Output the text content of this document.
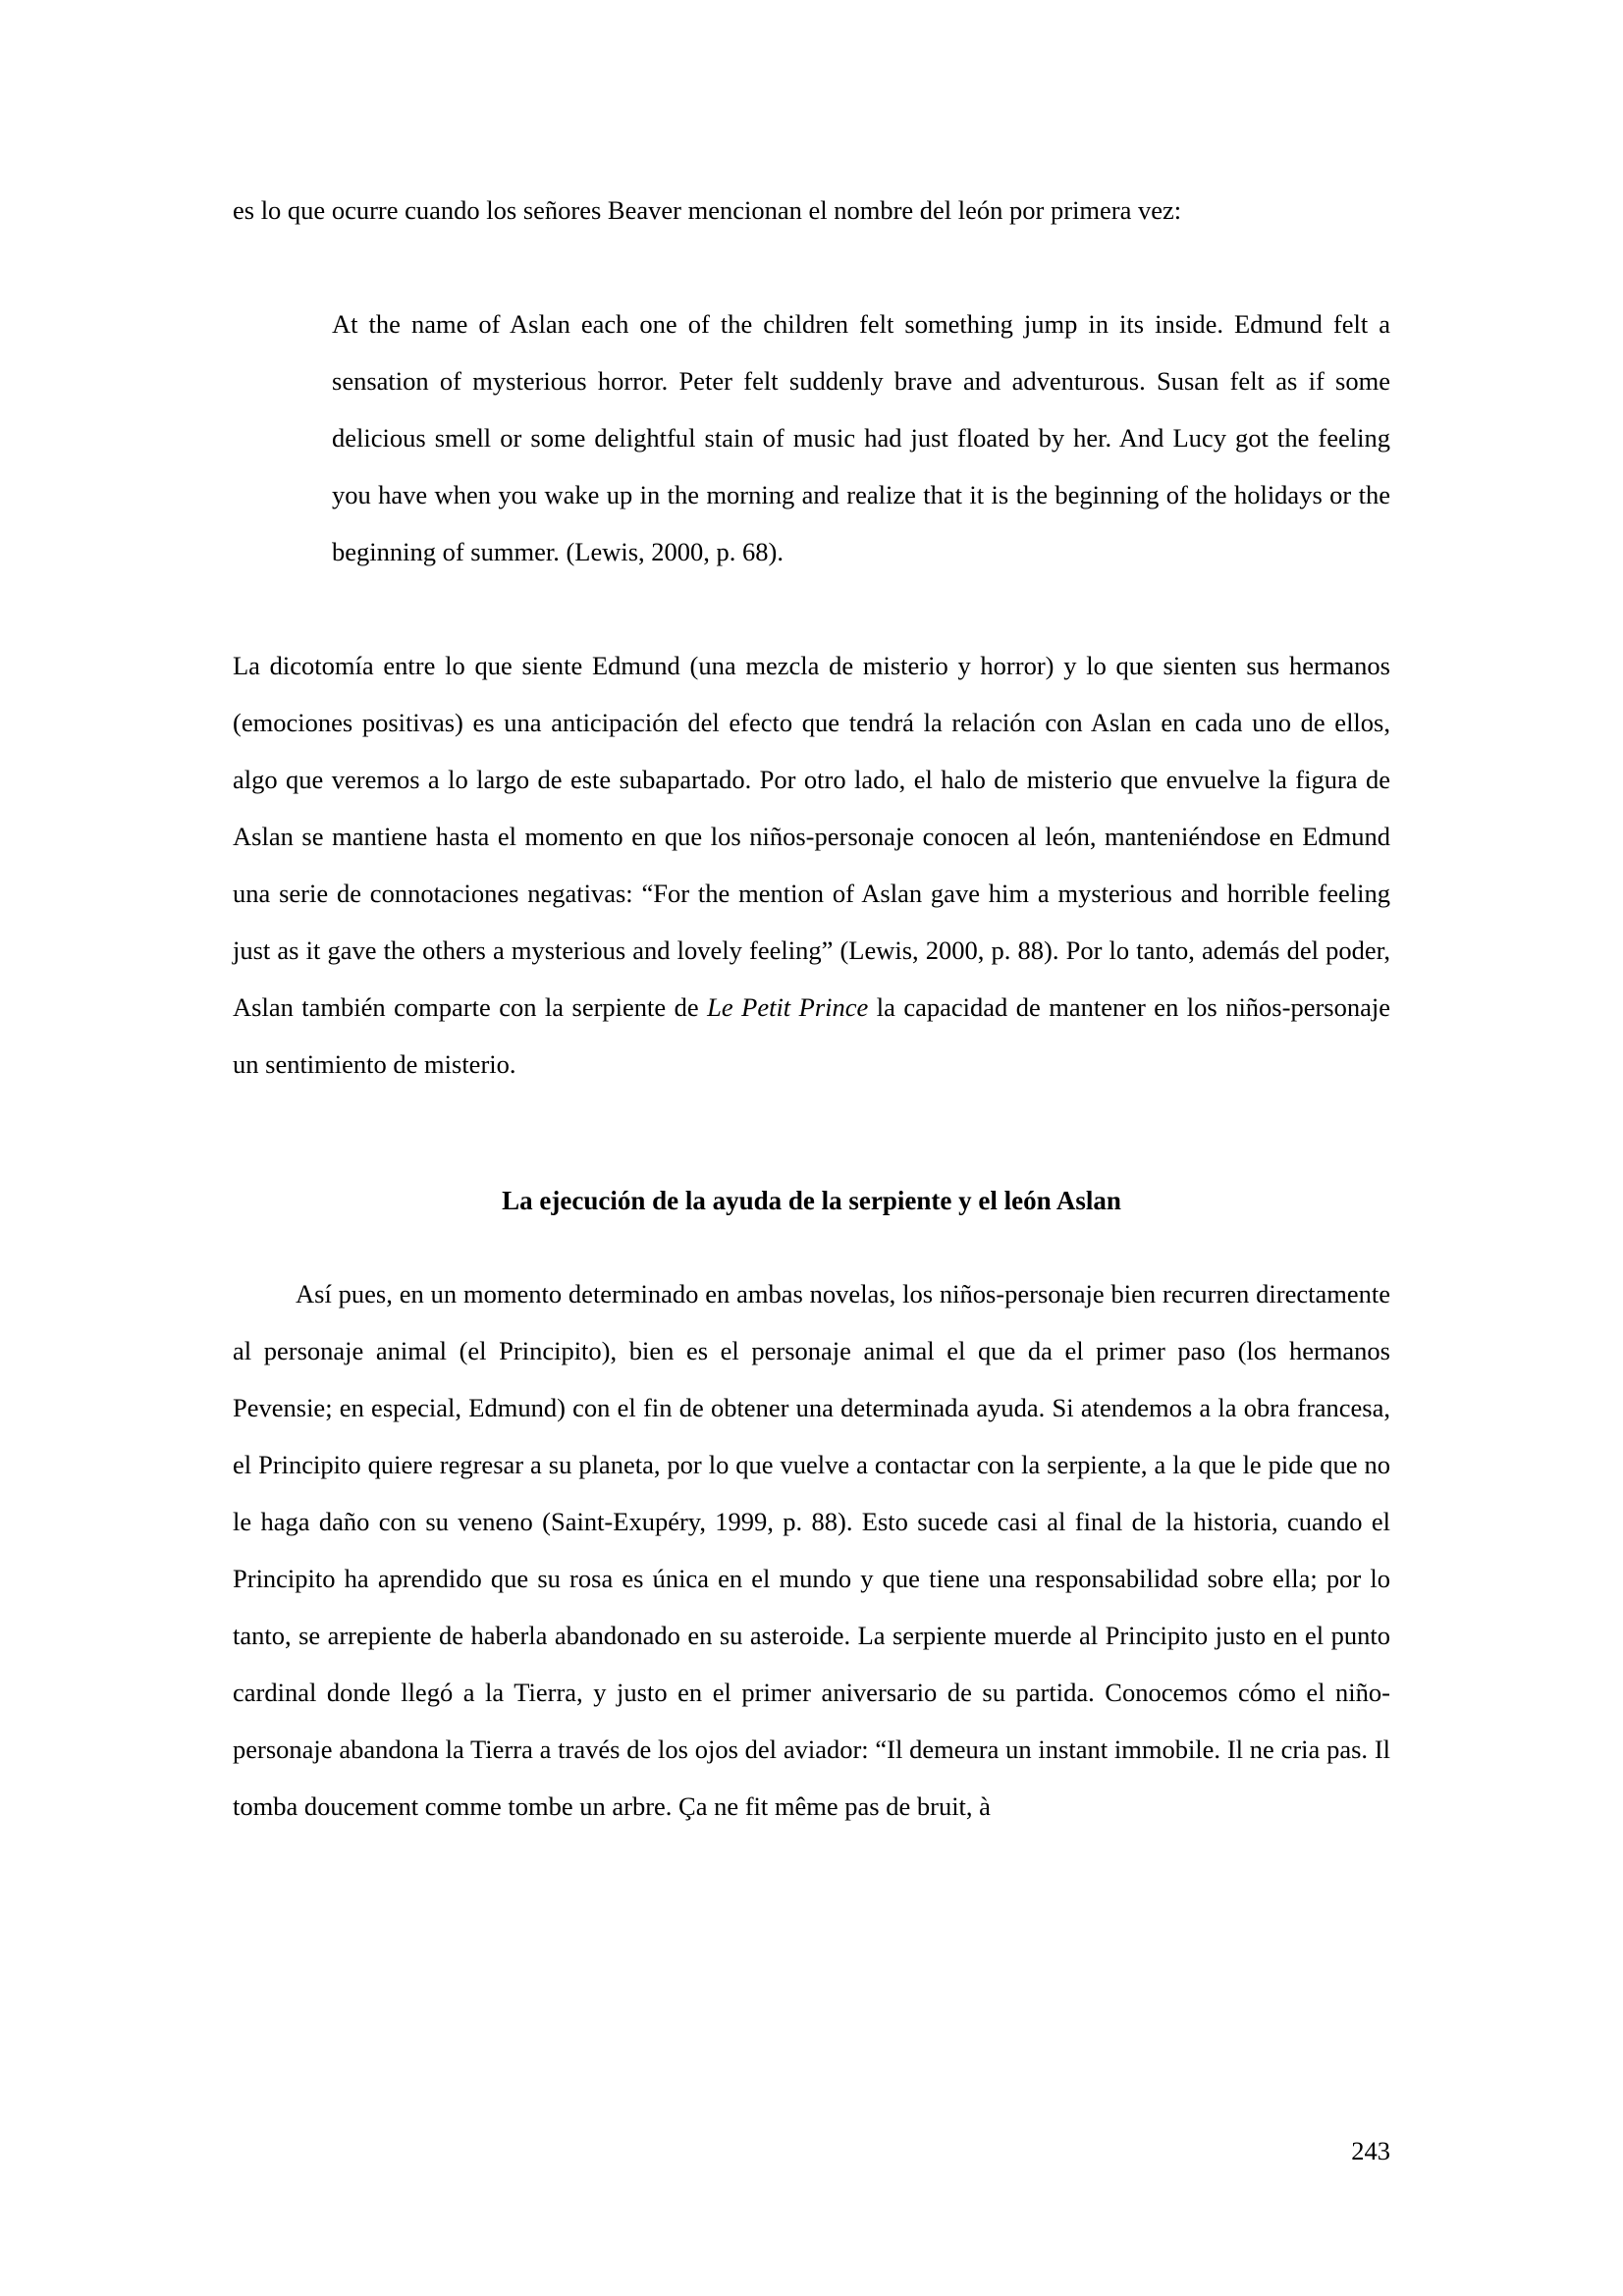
es lo que ocurre cuando los señores Beaver mencionan el nombre del león por primera vez:

At the name of Aslan each one of the children felt something jump in its inside. Edmund felt a sensation of mysterious horror. Peter felt suddenly brave and adventurous. Susan felt as if some delicious smell or some delightful stain of music had just floated by her. And Lucy got the feeling you have when you wake up in the morning and realize that it is the beginning of the holidays or the beginning of summer. (Lewis, 2000, p. 68).

La dicotomía entre lo que siente Edmund (una mezcla de misterio y horror) y lo que sienten sus hermanos (emociones positivas) es una anticipación del efecto que tendrá la relación con Aslan en cada uno de ellos, algo que veremos a lo largo de este subapartado. Por otro lado, el halo de misterio que envuelve la figura de Aslan se mantiene hasta el momento en que los niños-personaje conocen al león, manteniéndose en Edmund una serie de connotaciones negativas: “For the mention of Aslan gave him a mysterious and horrible feeling just as it gave the others a mysterious and lovely feeling” (Lewis, 2000, p. 88). Por lo tanto, además del poder, Aslan también comparte con la serpiente de Le Petit Prince la capacidad de mantener en los niños-personaje un sentimiento de misterio.

La ejecución de la ayuda de la serpiente y el león Aslan

Así pues, en un momento determinado en ambas novelas, los niños-personaje bien recurren directamente al personaje animal (el Principito), bien es el personaje animal el que da el primer paso (los hermanos Pevensie; en especial, Edmund) con el fin de obtener una determinada ayuda. Si atendemos a la obra francesa, el Principito quiere regresar a su planeta, por lo que vuelve a contactar con la serpiente, a la que le pide que no le haga daño con su veneno (Saint-Exupéry, 1999, p. 88). Esto sucede casi al final de la historia, cuando el Principito ha aprendido que su rosa es única en el mundo y que tiene una responsabilidad sobre ella; por lo tanto, se arrepiente de haberla abandonado en su asteroide. La serpiente muerde al Principito justo en el punto cardinal donde llegó a la Tierra, y justo en el primer aniversario de su partida. Conocemos cómo el niño-personaje abandona la Tierra a través de los ojos del aviador: “Il demeura un instant immobile. Il ne cria pas. Il tomba doucement comme tombe un arbre. Ça ne fit même pas de bruit, à

243
